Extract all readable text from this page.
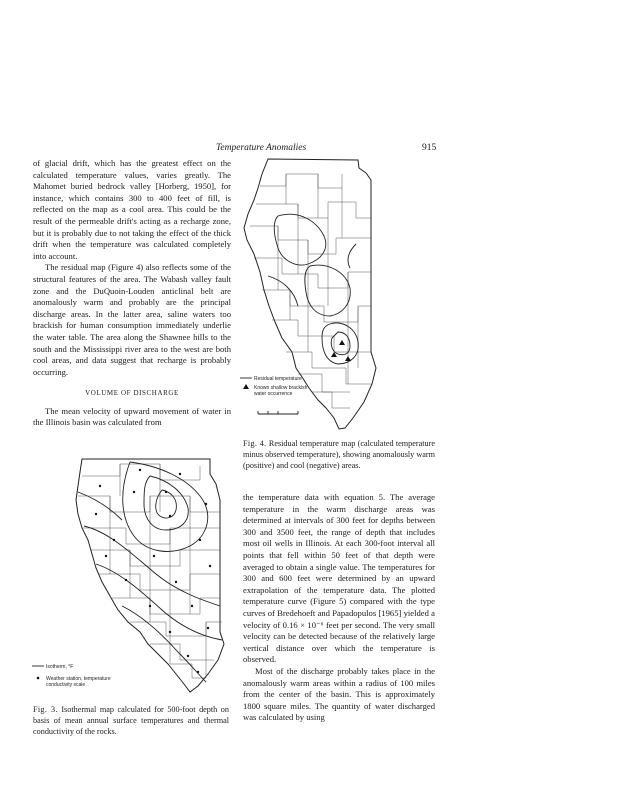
Temperature Anomalies	915

of glacial drift, which has the greatest effect on the calculated temperature values, varies greatly. The Mahomet buried bedrock valley [Horberg, 1950], for instance, which contains 300 to 400 feet of fill, is reflected on the map as a cool area. This could be the result of the permeable drift's acting as a recharge zone, but it is probably due to not taking the effect of the thick drift when the temperature was calculated completely into account.

The residual map (Figure 4) also reflects some of the structural features of the area. The Wabash valley fault zone and the DuQuoin-Louden anticlinal belt are anomalously warm and probably are the principal discharge areas. In the latter area, saline waters too brackish for human consumption immediately underlie the water table. The area along the Shawnee hills to the south and the Mississippi river area to the west are both cool areas, and data suggest that recharge is probably occurring.

VOLUME OF DISCHARGE

The mean velocity of upward movement of water in the Illinois basin was calculated from

Residual temperature
Known shallow brackish
water occurrence
Fig. 4. Residual temperature map (calculated temperature minus observed temperature), showing anomalously warm (positive) and cool (negative) areas.
Isotherm, °F
Weather station, temperature
conductivity scale
Fig. 3. Isothermal map calculated for 500-foot depth on basis of mean annual surface temperatures and thermal conductivity of the rocks.

the temperature data with equation 5. The average temperature in the warm discharge areas was determined at intervals of 300 feet for depths between 300 and 3500 feet, the range of depth that includes most oil wells in Illinois. At each 300-foot interval all points that fell within 50 feet of that depth were averaged to obtain a single value. The temperatures for 300 and 600 feet were determined by an upward extrapolation of the temperature data. The plotted temperature curve (Figure 5) compared with the type curves of Bredehoeft and Papadopulos [1965] yielded a velocity of 0.16 × 10⁻⁶ feet per second. The very small velocity can be detected because of the relatively large vertical distance over which the temperature is observed.

Most of the discharge probably takes place in the anomalously warm areas within a radius of 100 miles from the center of the basin. This is approximately 1800 square miles. The quantity of water discharged was calculated by using
